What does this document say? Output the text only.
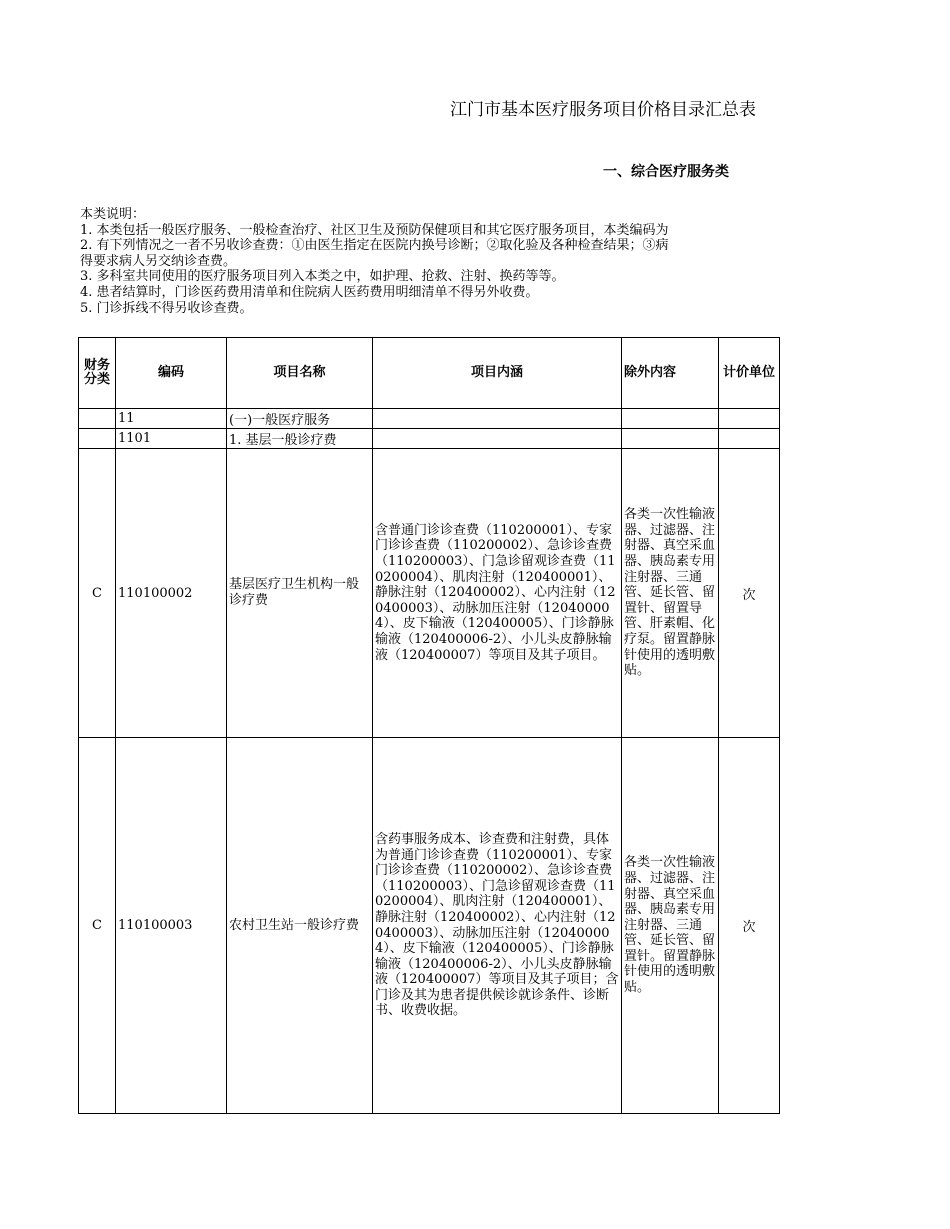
江门市基本医疗服务项目价格目录汇总表
一、综合医疗服务类
本类说明：
1. 本类包括一般医疗服务、一般检查治疗、社区卫生及预防保健项目和其它医疗服务项目，本类编码为
2. 有下列情况之一者不另收诊查费：①由医生指定在医院内换号诊断；②取化验及各种检查结果；③病
得要求病人另交纳诊查费。
3. 多科室共同使用的医疗服务项目列入本类之中，如护理、抢救、注射、换药等等。
4. 患者结算时，门诊医药费用清单和住院病人医药费用明细清单不得另外收费。
5. 门诊拆线不得另收诊查费。
财务
分类	编码	项目名称	项目内涵	除外内容	计价单位
	11	(一)一般医疗服务			
	1101	1. 基层一般诊疗费			
C	110100002	基层医疗卫生机构一般诊疗费	含普通门诊诊查费（110200001）、专家门诊诊查费（110200002）、急诊诊查费（110200003）、门急诊留观诊查费（110200004）、肌肉注射（120400001）、静脉注射（120400002）、心内注射（120400003）、动脉加压注射（120400004）、皮下输液（120400005）、门诊静脉输液（120400006-2）、小儿头皮静脉输液（120400007）等项目及其子项目。	各类一次性输液器、过滤器、注射器、真空采血器、胰岛素专用注射器、三通管、延长管、留置针、留置导管、肝素帽、化疗泵。留置静脉针使用的透明敷贴。	次
C	110100003	农村卫生站一般诊疗费	含药事服务成本、诊查费和注射费，具体为普通门诊诊查费（110200001）、专家门诊诊查费（110200002）、急诊诊查费（110200003）、门急诊留观诊查费（110200004）、肌肉注射（120400001）、静脉注射（120400002）、心内注射（120400003）、动脉加压注射（120400004）、皮下输液（120400005）、门诊静脉输液（120400006-2）、小儿头皮静脉输液（120400007）等项目及其子项目；含门诊及其为患者提供候诊就诊条件、诊断书、收费收据。	各类一次性输液器、过滤器、注射器、真空采血器、胰岛素专用注射器、三通管、延长管、留置针。留置静脉针使用的透明敷贴。	次
